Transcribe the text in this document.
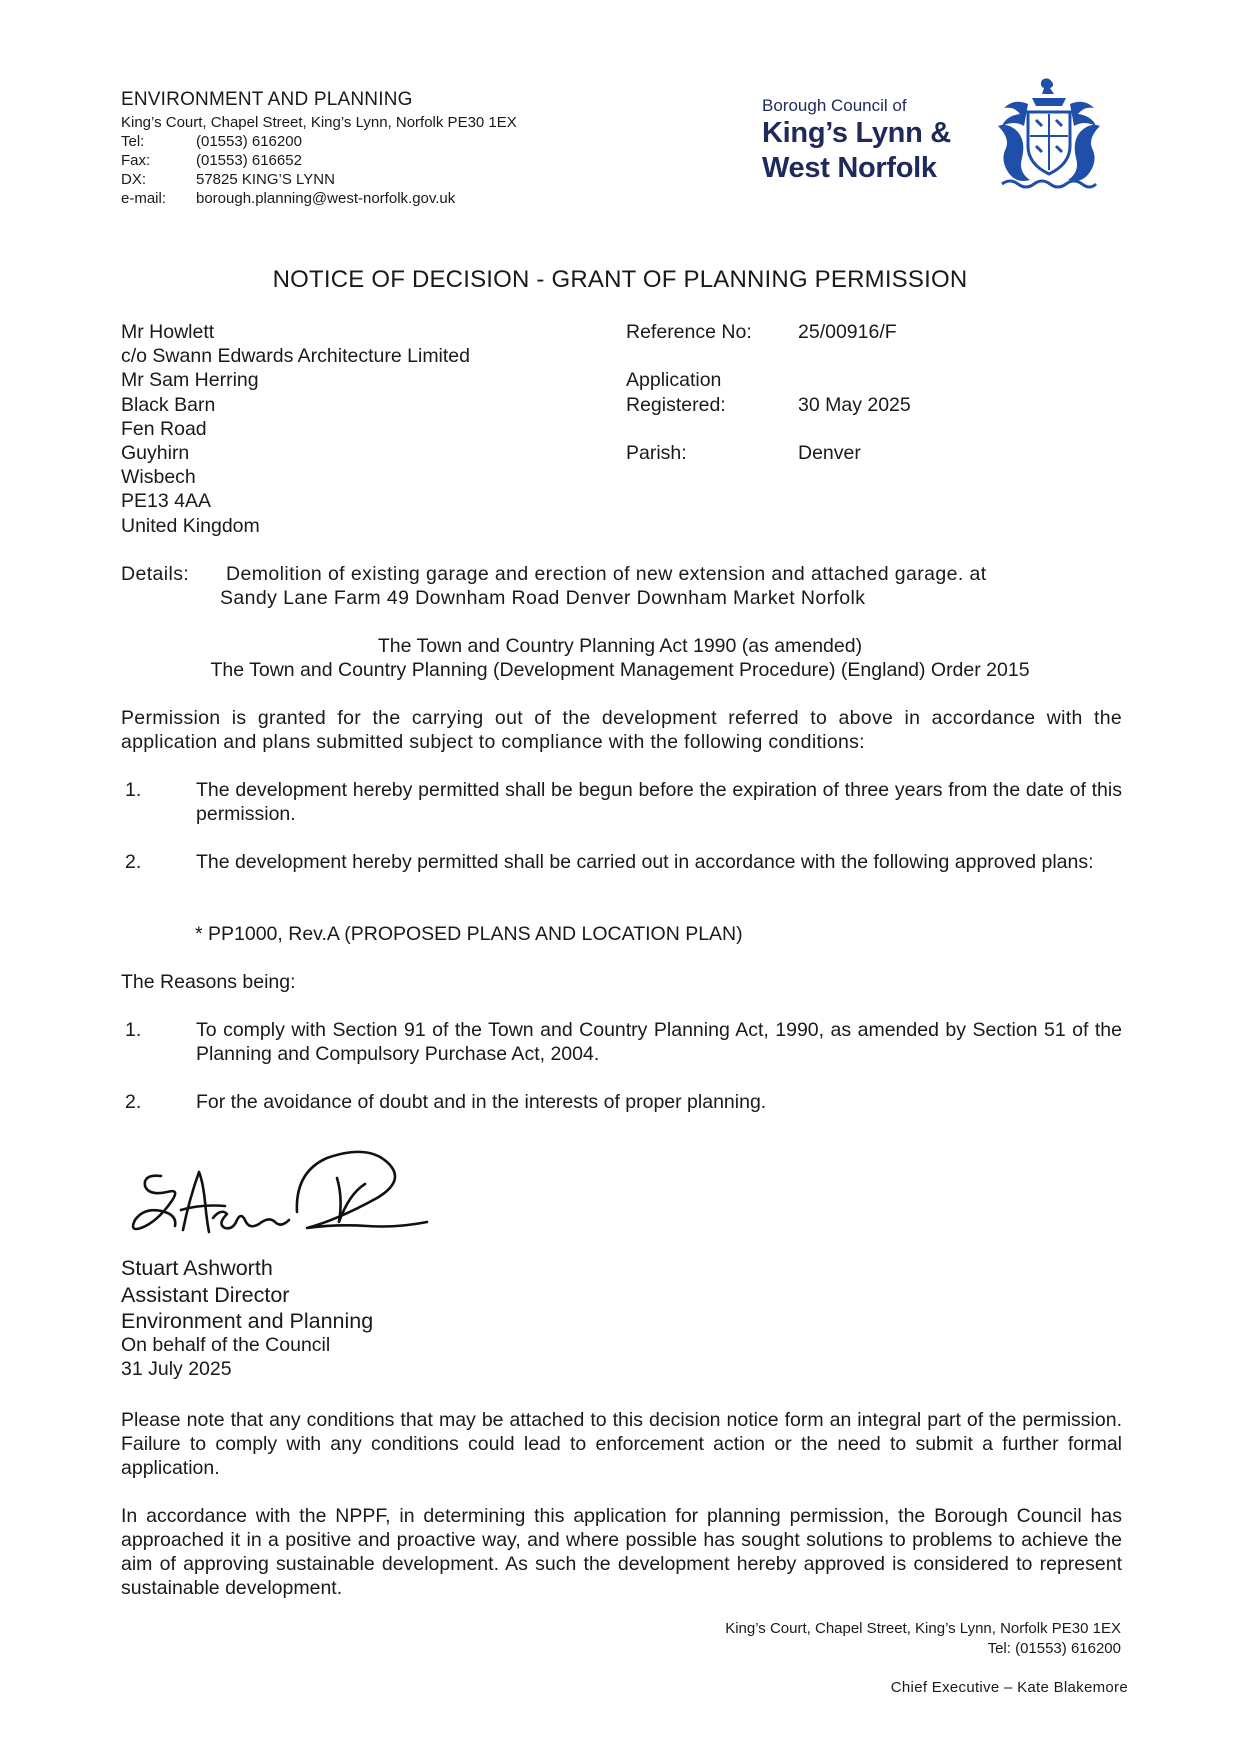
ENVIRONMENT AND PLANNING
King’s Court, Chapel Street, King’s Lynn, Norfolk PE30 1EX
Tel:	(01553) 616200
Fax:	(01553) 616652
DX:	57825 KING’S LYNN
e-mail:	borough.planning@west-norfolk.gov.uk
Borough Council of
King’s Lynn &
West Norfolk
NOTICE OF DECISION - GRANT OF PLANNING PERMISSION
Mr Howlett
c/o Swann Edwards Architecture Limited
Mr Sam Herring
Black Barn
Fen Road
Guyhirn
Wisbech
PE13 4AA
United Kingdom
Reference No:	25/00916/F

Application
Registered:	30 May 2025

Parish:	Denver
Details: Demolition of existing garage and erection of new extension and attached garage. at
Sandy Lane Farm 49 Downham Road Denver Downham Market Norfolk
The Town and Country Planning Act 1990 (as amended)
The Town and Country Planning (Development Management Procedure) (England) Order 2015
Permission is granted for the carrying out of the development referred to above in accordance with the application and plans submitted subject to compliance with the following conditions:
1.	The development hereby permitted shall be begun before the expiration of three years from the date of this permission.
2.	The development hereby permitted shall be carried out in accordance with the following approved plans:
* PP1000, Rev.A (PROPOSED PLANS AND LOCATION PLAN)
The Reasons being:
1.	To comply with Section 91 of the Town and Country Planning Act, 1990, as amended by Section 51 of the Planning and Compulsory Purchase Act, 2004.
2.	For the avoidance of doubt and in the interests of proper planning.
Stuart Ashworth
Assistant Director
Environment and Planning
On behalf of the Council
31 July 2025
Please note that any conditions that may be attached to this decision notice form an integral part of the permission. Failure to comply with any conditions could lead to enforcement action or the need to submit a further formal application.
In accordance with the NPPF, in determining this application for planning permission, the Borough Council has approached it in a positive and proactive way, and where possible has sought solutions to problems to achieve the aim of approving sustainable development. As such the development hereby approved is considered to represent sustainable development.
King’s Court, Chapel Street, King’s Lynn, Norfolk PE30 1EX
Tel: (01553) 616200
Chief Executive – Kate Blakemore
